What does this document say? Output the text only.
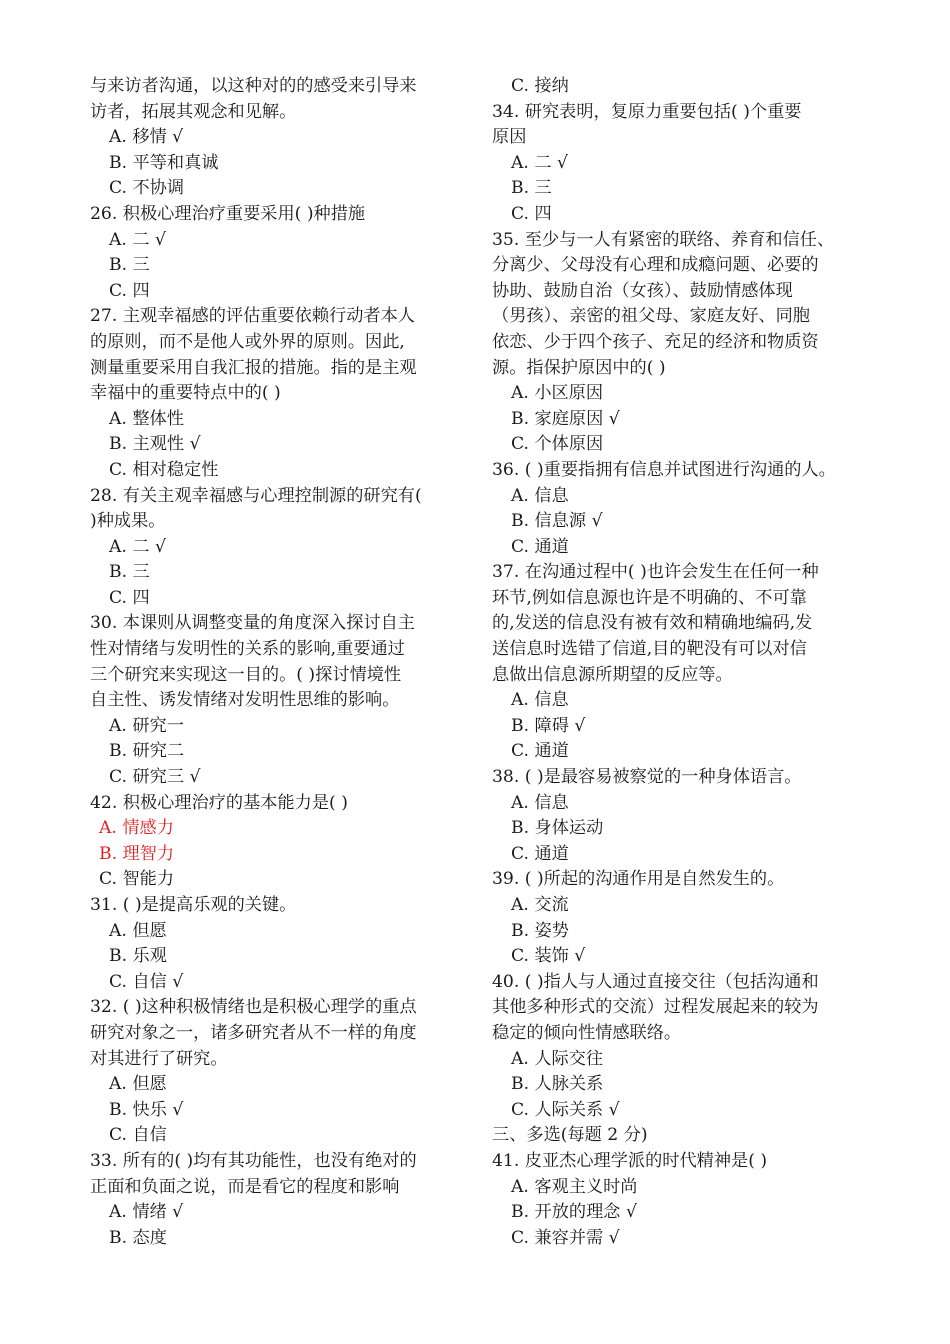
与来访者沟通，以这种对的的感受来引导来
访者，拓展其观念和见解。
A. 移情 √
B. 平等和真诚
C. 不协调
26. 积极心理治疗重要采用( )种措施
A. 二 √
B. 三
C. 四
27. 主观幸福感的评估重要依赖行动者本人
的原则，而不是他人或外界的原则。因此,
测量重要采用自我汇报的措施。指的是主观
幸福中的重要特点中的( )
A. 整体性
B. 主观性 √
C. 相对稳定性
28. 有关主观幸福感与心理控制源的研究有(
)种成果。
A. 二 √
B. 三
C. 四
30. 本课则从调整变量的角度深入探讨自主
性对情绪与发明性的关系的影响,重要通过
三个研究来实现这一目的。( )探讨情境性
自主性、诱发情绪对发明性思维的影响。
A. 研究一
B. 研究二
C. 研究三 √
42. 积极心理治疗的基本能力是( )
A. 情感力
B. 理智力
C. 智能力
31. ( )是提高乐观的关键。
A. 但愿
B. 乐观
C. 自信 √
32. ( )这种积极情绪也是积极心理学的重点
研究对象之一，诸多研究者从不一样的角度
对其进行了研究。
A. 但愿
B. 快乐 √
C. 自信
33. 所有的( )均有其功能性，也没有绝对的
正面和负面之说，而是看它的程度和影响
A. 情绪 √
B. 态度
C. 接纳
34. 研究表明，复原力重要包括( )个重要
原因
A. 二 √
B. 三
C. 四
35. 至少与一人有紧密的联络、养育和信任、
分离少、父母没有心理和成瘾问题、必要的
协助、鼓励自治（女孩）、鼓励情感体现
（男孩）、亲密的祖父母、家庭友好、同胞
依恋、少于四个孩子、充足的经济和物质资
源。指保护原因中的( )
A. 小区原因
B. 家庭原因 √
C. 个体原因
36. ( )重要指拥有信息并试图进行沟通的人。
A. 信息
B. 信息源 √
C. 通道
37. 在沟通过程中( )也许会发生在任何一种
环节,例如信息源也许是不明确的、不可靠
的,发送的信息没有被有效和精确地编码,发
送信息时选错了信道,目的靶没有可以对信
息做出信息源所期望的反应等。
A. 信息
B. 障碍 √
C. 通道
38. ( )是最容易被察觉的一种身体语言。
A. 信息
B. 身体运动
C. 通道
39. ( )所起的沟通作用是自然发生的。
A. 交流
B. 姿势
C. 装饰 √
40. ( )指人与人通过直接交往（包括沟通和
其他多种形式的交流）过程发展起来的较为
稳定的倾向性情感联络。
A. 人际交往
B. 人脉关系
C. 人际关系 √
三、多选(每题 2 分)
41. 皮亚杰心理学派的时代精神是( )
A. 客观主义时尚
B. 开放的理念 √
C. 兼容并需 √
